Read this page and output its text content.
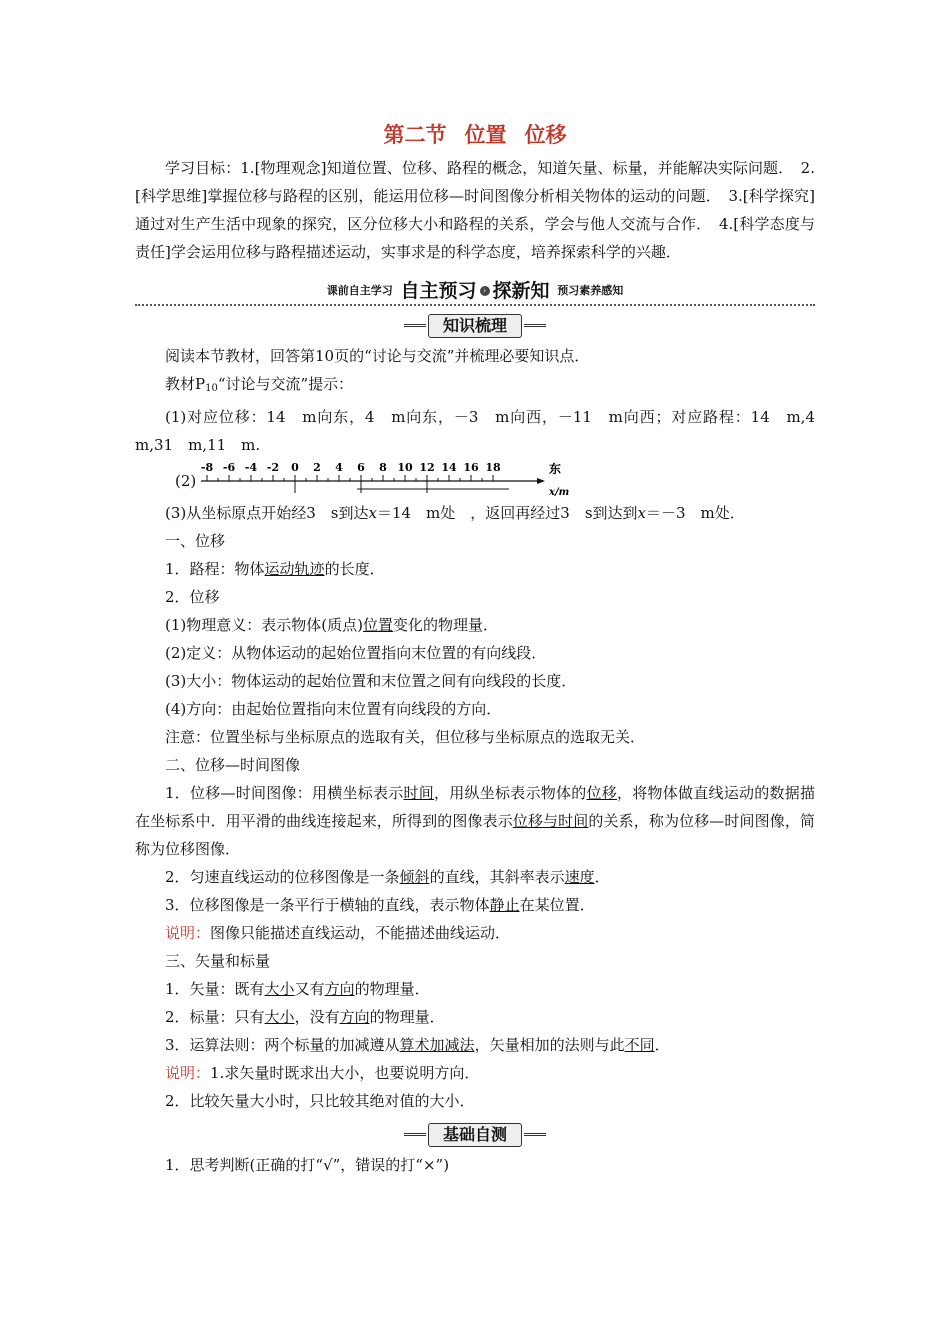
第二节 位置 位移

学习目标：1.[物理观念]知道位置、位移、路程的概念，知道矢量、标量，并能解决实际问题．　2.[科学思维]掌握位移与路程的区别，能运用位移—时间图像分析相关物体的运动的问题．　3.[科学探究]通过对生产生活中现象的探究，区分位移大小和路程的关系，学会与他人交流与合作．　4.[科学态度与责任]学会运用位移与路程描述运动，实事求是的科学态度，培养探索科学的兴趣．

课前自主学习 自主预习 › 探新知 预习素养感知
知识梳理

阅读本节教材，回答第10页的“讨论与交流”并梳理必要知识点．

教材$P_{10}“$讨论与交流”提示：

(1)对应位移：14　m向东，4　m向东，－3　m向西，－11　m向西；对应路程：14　m,4　m,31　m,11　m.

(2)
-8 -6 -4 -2 0 2 4 6 8 10 12 14 16 18	东
x/m

(3)从坐标原点开始经3　s到达x＝14　m处　，返回再经过3　s到达到x＝－3　m处．

一、位移

1．路程：物体运动轨迹的长度．

2．位移

(1)物理意义：表示物体(质点)位置变化的物理量．

(2)定义：从物体运动的起始位置指向末位置的有向线段．

(3)大小：物体运动的起始位置和末位置之间有向线段的长度．

(4)方向：由起始位置指向末位置有向线段的方向．

注意：位置坐标与坐标原点的选取有关，但位移与坐标原点的选取无关．

二、位移—时间图像

1．位移—时间图像：用横坐标表示时间，用纵坐标表示物体的位移，将物体做直线运动的数据描在坐标系中．用平滑的曲线连接起来，所得到的图像表示位移与时间的关系，称为位移—时间图像，简称为位移图像．

2．匀速直线运动的位移图像是一条倾斜的直线，其斜率表示速度．

3．位移图像是一条平行于横轴的直线，表示物体静止在某位置．

说明：图像只能描述直线运动，不能描述曲线运动．

三、矢量和标量

1．矢量：既有大小又有方向的物理量．

2．标量：只有大小，没有方向的物理量．

3．运算法则：两个标量的加减遵从算术加减法，矢量相加的法则与此不同．

说明：1.求矢量时既求出大小，也要说明方向．

2．比较矢量大小时，只比较其绝对值的大小．

基础自测

1．思考判断(正确的打“√”，错误的打“×”)
